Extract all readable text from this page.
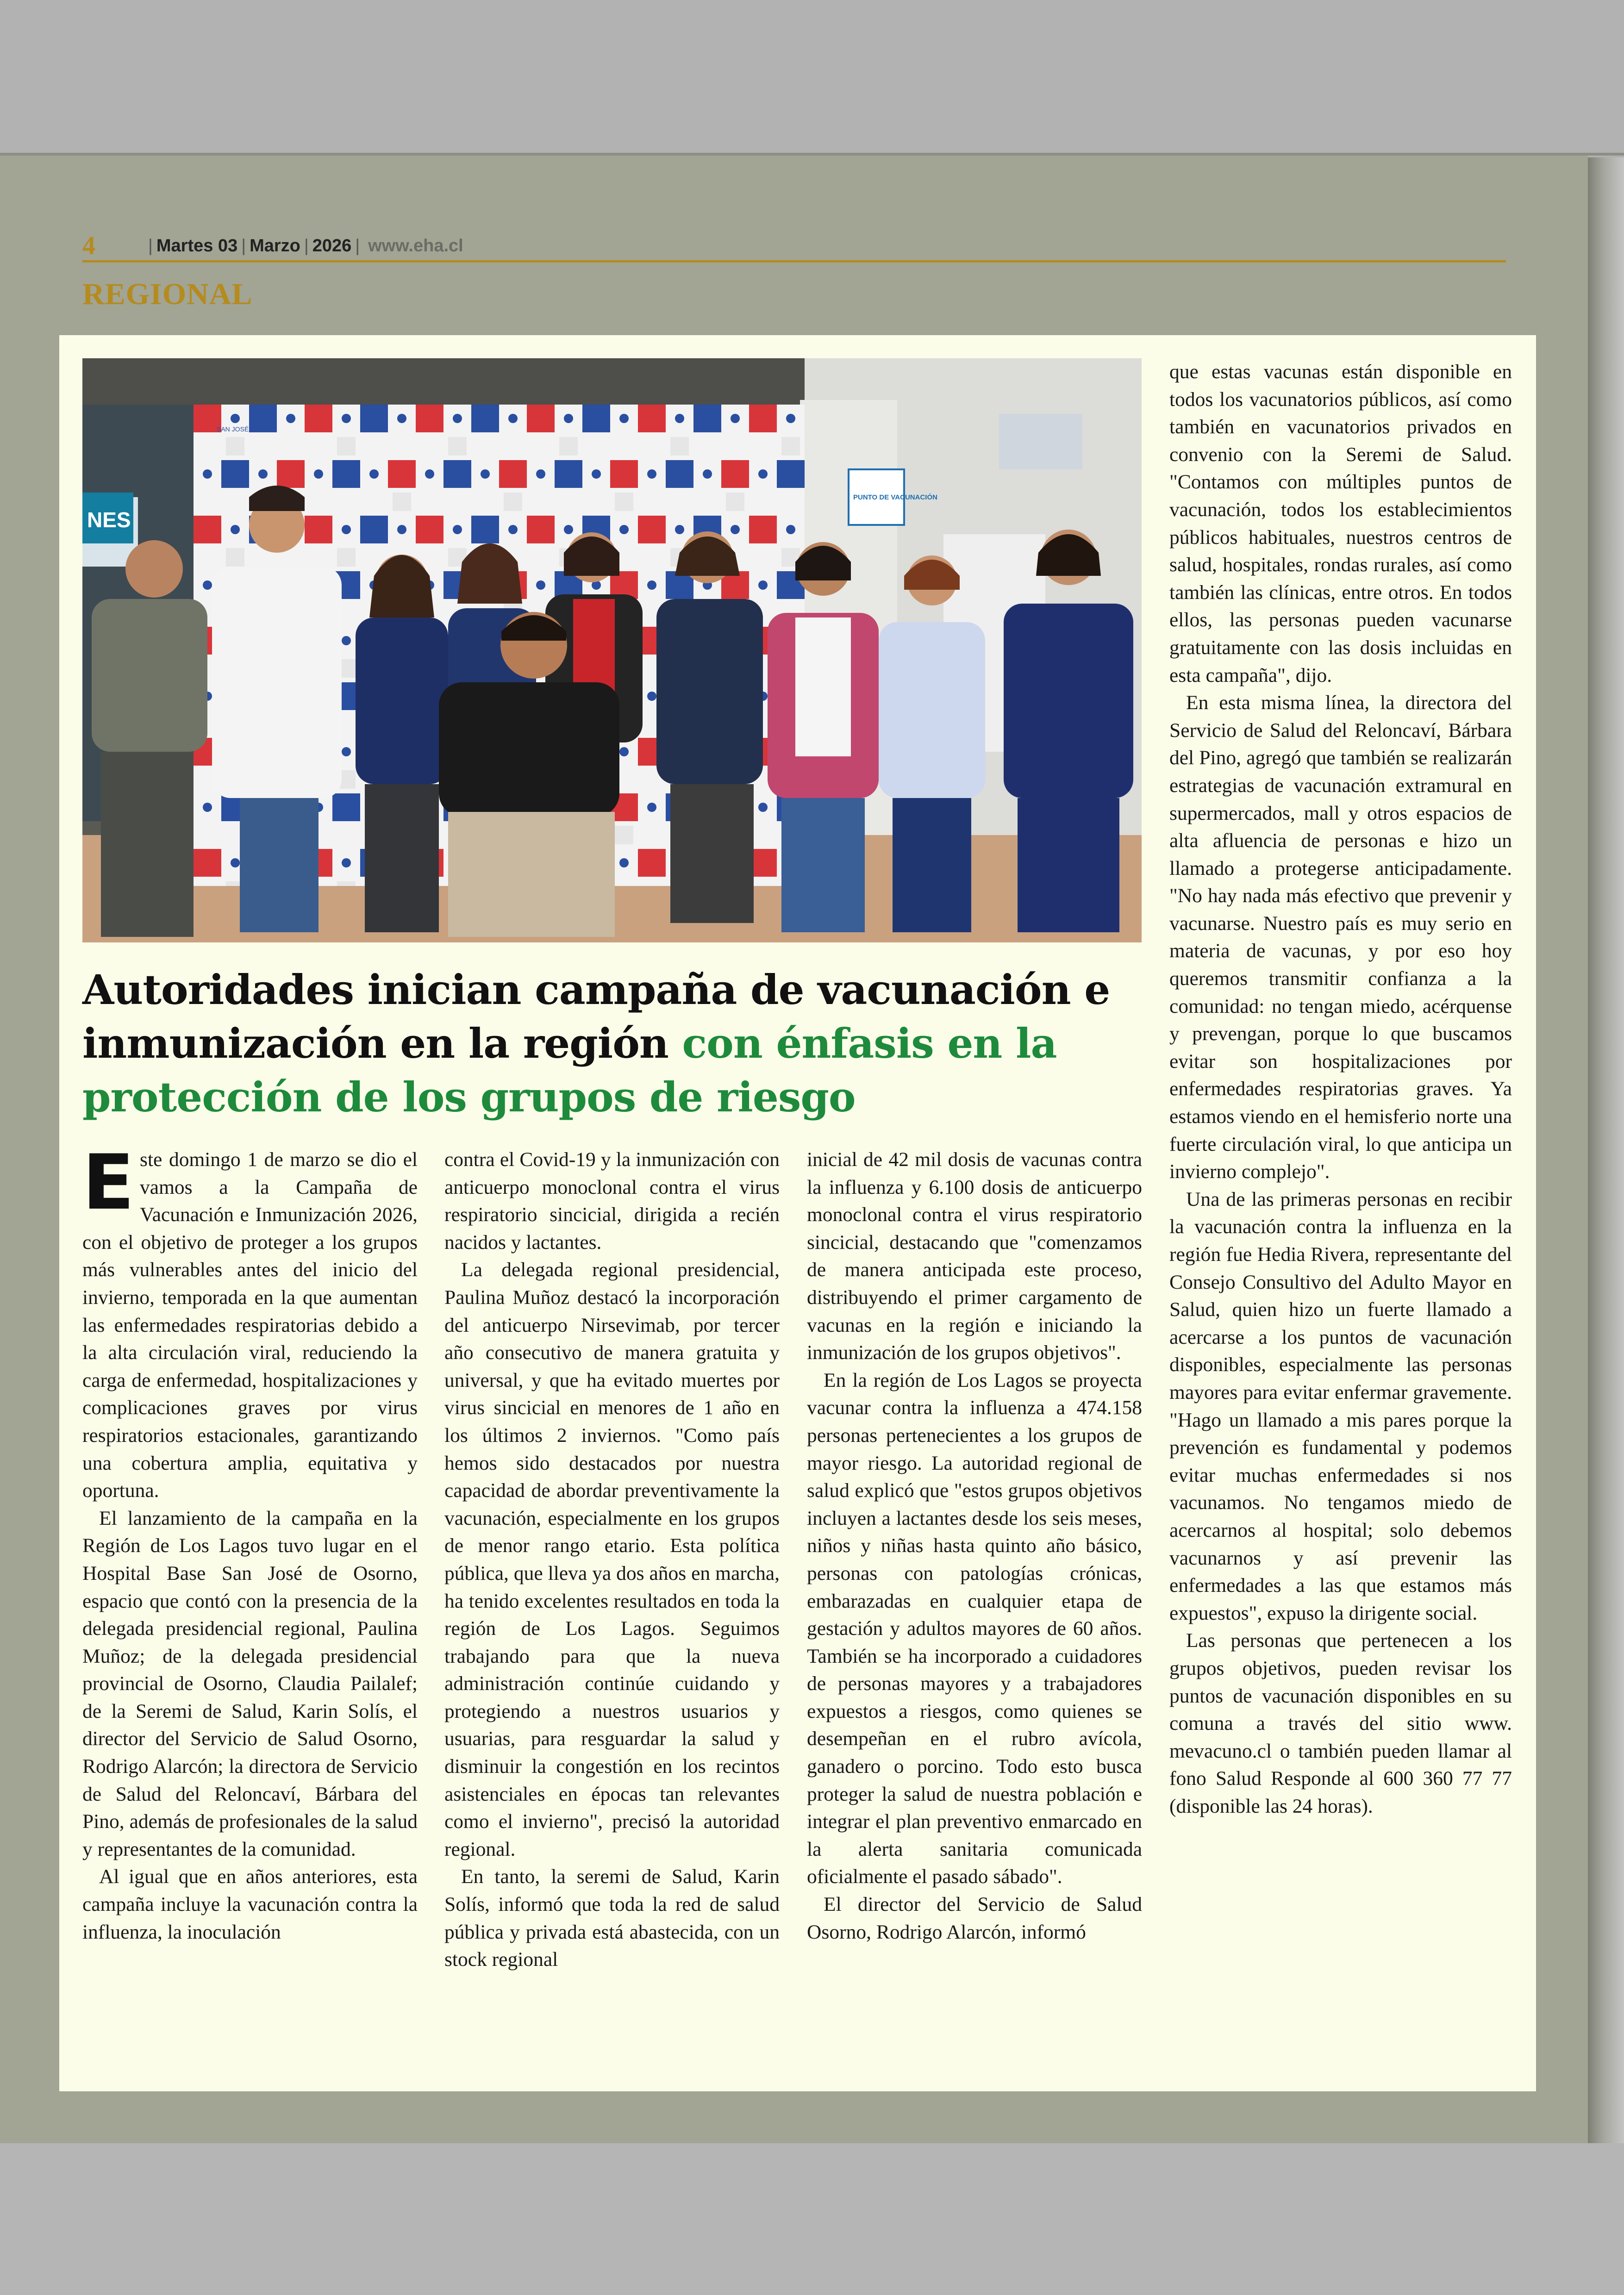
4	| Martes 03 | Marzo | 2026 | www.eha.cl
REGIONAL
NES
PUNTO DE VACUNACIÓN
SAN JOSÉ
Autoridades inician campaña de vacunación e inmunización en la región con énfasis en la protección de los grupos de riesgo

Este domingo 1 de marzo se dio el vamos a la Campaña de Vacunación e Inmunización 2026, con el objetivo de proteger a los grupos más vulnerables antes del inicio del invierno, temporada en la que aumentan las enfermedades respiratorias debido a la alta circulación viral, reduciendo la carga de enfermedad, hospitalizaciones y complicaciones graves por virus respiratorios estacionales, garantizando una cobertura amplia, equitativa y oportuna.

El lanzamiento de la campaña en la Región de Los Lagos tuvo lugar en el Hospital Base San José de Osorno, espacio que contó con la presencia de la delegada presidencial regional, Paulina Muñoz; de la delegada presidencial provincial de Osorno, Claudia Pailalef; de la Seremi de Salud, Karin Solís, el director del Servicio de Salud Osorno, Rodrigo Alarcón; la directora de Servicio de Salud del Reloncaví, Bárbara del Pino, además de profesionales de la salud y representantes de la comunidad.

Al igual que en años anteriores, esta campaña incluye la vacunación contra la influenza, la inoculación

contra el Covid-19 y la inmunización con anticuerpo monoclonal contra el virus respiratorio sincicial, dirigida a recién nacidos y lactantes.

La delegada regional presidencial, Paulina Muñoz destacó la incorporación del anticuerpo Nirsevimab, por tercer año consecutivo de manera gratuita y universal, y que ha evitado muertes por virus sincicial en menores de 1 año en los últimos 2 inviernos. "Como país hemos sido destacados por nuestra capacidad de abordar preventivamente la vacunación, especialmente en los grupos de menor rango etario. Esta política pública, que lleva ya dos años en marcha, ha tenido excelentes resultados en toda la región de Los Lagos. Seguimos trabajando para que la nueva administración continúe cuidando y protegiendo a nuestros usuarios y usuarias, para resguardar la salud y disminuir la congestión en los recintos asistenciales en épocas tan relevantes como el invierno", precisó la autoridad regional.

En tanto, la seremi de Salud, Karin Solís, informó que toda la red de salud pública y privada está abastecida, con un stock regional

inicial de 42 mil dosis de vacunas contra la influenza y 6.100 dosis de anticuerpo monoclonal contra el virus respiratorio sincicial, destacando que "comenzamos de manera anticipada este proceso, distribuyendo el primer cargamento de vacunas en la región e iniciando la inmunización de los grupos objetivos".

En la región de Los Lagos se proyecta vacunar contra la influenza a 474.158 personas pertenecientes a los grupos de mayor riesgo. La autoridad regional de salud explicó que "estos grupos objetivos incluyen a lactantes desde los seis meses, niños y niñas hasta quinto año básico, personas con patologías crónicas, embarazadas en cualquier etapa de gestación y adultos mayores de 60 años. También se ha incorporado a cuidadores de personas mayores y a trabajadores expuestos a riesgos, como quienes se desempeñan en el rubro avícola, ganadero o porcino. Todo esto busca proteger la salud de nuestra población e integrar el plan preventivo enmarcado en la alerta sanitaria comunicada oficialmente el pasado sábado".

El director del Servicio de Salud Osorno, Rodrigo Alarcón, informó

que estas vacunas están disponible en todos los vacunatorios públicos, así como también en vacunatorios privados en convenio con la Seremi de Salud. "Contamos con múltiples puntos de vacunación, todos los establecimientos públicos habituales, nuestros centros de salud, hospitales, rondas rurales, así como también las clínicas, entre otros. En todos ellos, las personas pueden vacunarse gratuitamente con las dosis incluidas en esta campaña", dijo.

En esta misma línea, la directora del Servicio de Salud del Reloncaví, Bárbara del Pino, agregó que también se realizarán estrategias de vacunación extramural en supermercados, mall y otros espacios de alta afluencia de personas e hizo un llamado a protegerse anticipadamente. "No hay nada más efectivo que prevenir y vacunarse. Nuestro país es muy serio en materia de vacunas, y por eso hoy queremos transmitir confianza a la comunidad: no tengan miedo, acérquense y prevengan, porque lo que buscamos evitar son hospitalizaciones por enfermedades respiratorias graves. Ya estamos viendo en el hemisferio norte una fuerte circulación viral, lo que anticipa un invierno complejo".

Una de las primeras personas en recibir la vacunación contra la influenza en la región fue Hedia Rivera, representante del Consejo Consultivo del Adulto Mayor en Salud, quien hizo un fuerte llamado a acercarse a los puntos de vacunación disponibles, especialmente las personas mayores para evitar enfermar gravemente. "Hago un llamado a mis pares porque la prevención es fundamental y podemos evitar muchas enfermedades si nos vacunamos. No tengamos miedo de acercarnos al hospital; solo debemos vacunarnos y así prevenir las enfermedades a las que estamos más expuestos", expuso la dirigente social.

Las personas que pertenecen a los grupos objetivos, pueden revisar los puntos de vacunación disponibles en su comuna a través del sitio www. mevacuno.cl o también pueden llamar al fono Salud Responde al 600 360 77 77 (disponible las 24 horas).
